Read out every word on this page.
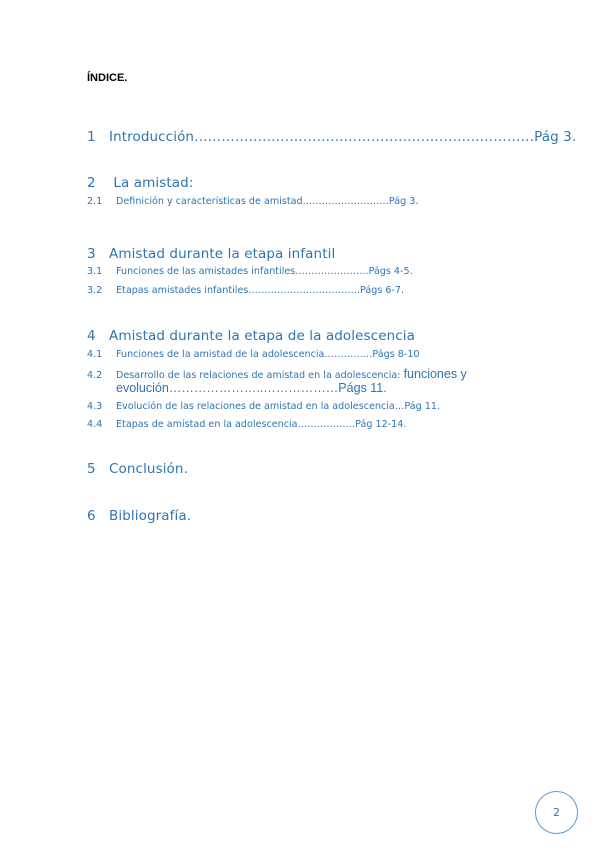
ÍNDICE.
1 Introducción…………………………………………………………………Pág 3.
2 La amistad:
2.1 Definición y características de amistad………………………Pág 3.
3 Amistad durante la etapa infantil
3.1 Funciones de las amistades infantiles…………………..Págs 4-5.
3.2 Etapas amistades infantiles……………………………..Págs 6-7.
4 Amistad durante la etapa de la adolescencia
4.1 Funciones de la amistad de la adolescencia……………Págs 8-10
4.2 Desarrollo de las relaciones de amistad en la adolescencia: funciones y
evolución…………………..………………Págs 11.
4.3 Evolución de las relaciones de amistad en la adolescencia…Pág 11.
4.4 Etapas de amistad en la adolescencia………………Pág 12-14.
5 Conclusión.
6 Bibliografía.
2
